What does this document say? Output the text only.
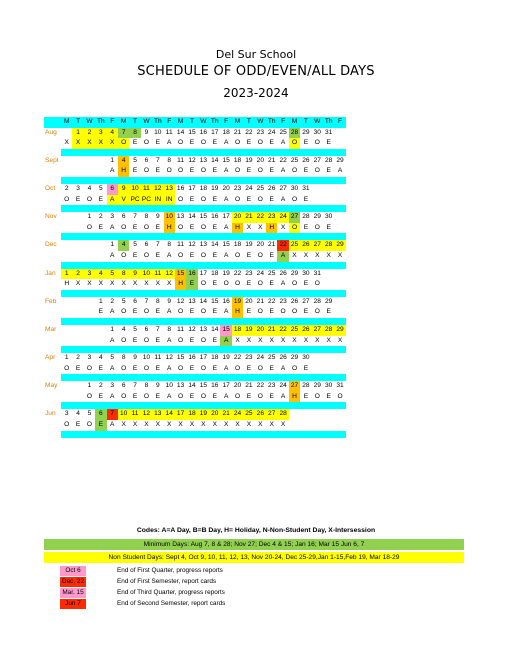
Del Sur School
SCHEDULE OF ODD/EVEN/ALL DAYS
2023-2024
	M	T	W	Th	F	M	T	W	Th	F	M	T	W	Th	F	M	T	W	Th	F	M	T	W	Th	F
Aug		1	2	3	4	7	8	9	10	11	14	15	16	17	18	21	22	23	24	25	28	29	30	31	
	X	X	X	X	X	O	E	O	E	A	O	E	O	E	A	O	E	O	E	A	O	E	O	E	

Sept					1	4	5	6	7	8	11	12	13	14	15	18	19	20	21	22	25	26	27	28	29
					A	H	E	O	E	O	O	E	O	E	A	O	E	O	E	A	O	E	O	E	A

Oct	2	3	4	5	6	9	10	11	12	13	16	17	18	19	20	23	24	25	26	27	30	31			
	O	E	O	E	A	V	PC	PC	IN	IN	O	E	O	E	A	O	E	O	E	A	O	E			

Nov			1	2	3	6	7	8	9	10	13	14	15	16	17	20	21	22	23	24	27	28	29	30	
			O	E	A	O	E	O	E	H	O	E	O	E	A	H	X	X	H	X	O	E	O	E	

Dec					1	4	5	6	7	8	11	12	13	14	15	18	19	20	21	22	25	26	27	28	29
					A	O	E	O	E	A	O	E	O	E	A	O	E	O	E	A	X	X	X	X	X

Jan	1	2	3	4	5	8	9	10	11	12	15	16	17	18	19	22	23	24	25	26	29	30	31		
	H	X	X	X	X	X	X	X	X	X	H	E	O	E	O	O	E	O	E	A	O	E	O		

Feb				1	2	5	6	7	8	9	12	13	14	15	16	19	20	21	22	23	26	27	28	29	
				E	A	O	E	O	E	A	O	E	O	E	A	H	E	O	E	O	O	E	O	E	

Mar					1	4	5	6	7	8	11	12	13	14	15	18	19	20	21	22	25	26	27	28	29
					A	O	E	O	E	A	O	E	O	E	A	X	X	X	X	X	X	X	X	X	X

Apr	1	2	3	4	5	8	9	10	11	12	15	16	17	18	19	22	23	24	25	26	29	30			
	O	E	O	E	A	O	E	O	E	A	O	E	O	E	A	O	E	O	E	A	O	E			

May			1	2	3	6	7	8	9	10	13	14	15	16	17	20	21	22	23	24	27	28	29	30	31
			O	E	A	O	E	O	E	A	O	E	O	E	A	O	E	O	E	A	H	E	O	E	O

Jun	3	4	5	6	7	10	11	12	13	14	17	18	19	20	21	24	25	26	27	28					
	O	E	O	E	A	X	X	X	X	X	X	X	X	X	X	X	X	X	X	X					

Codes: A=A Day, B=B Day, H= Holiday, N-Non-Student Day, X-Intersession
Minimum Days: Aug 7, 8 & 28; Nov 27; Dec 4 & 15; Jan 16; Mar 15 Jun 6, 7
Non Student Days: Sept 4, Oct 9, 10, 11, 12, 13, Nov 20-24, Dec 25-29,Jan 1-15,Feb 19, Mar 18-29
Oct 6	End of First Quarter, progress reports
Dec. 22	End of First Semester, report cards
Mar. 15	End of Third Quarter, progress reports
Jun 7	End of Second Semester, report cards
